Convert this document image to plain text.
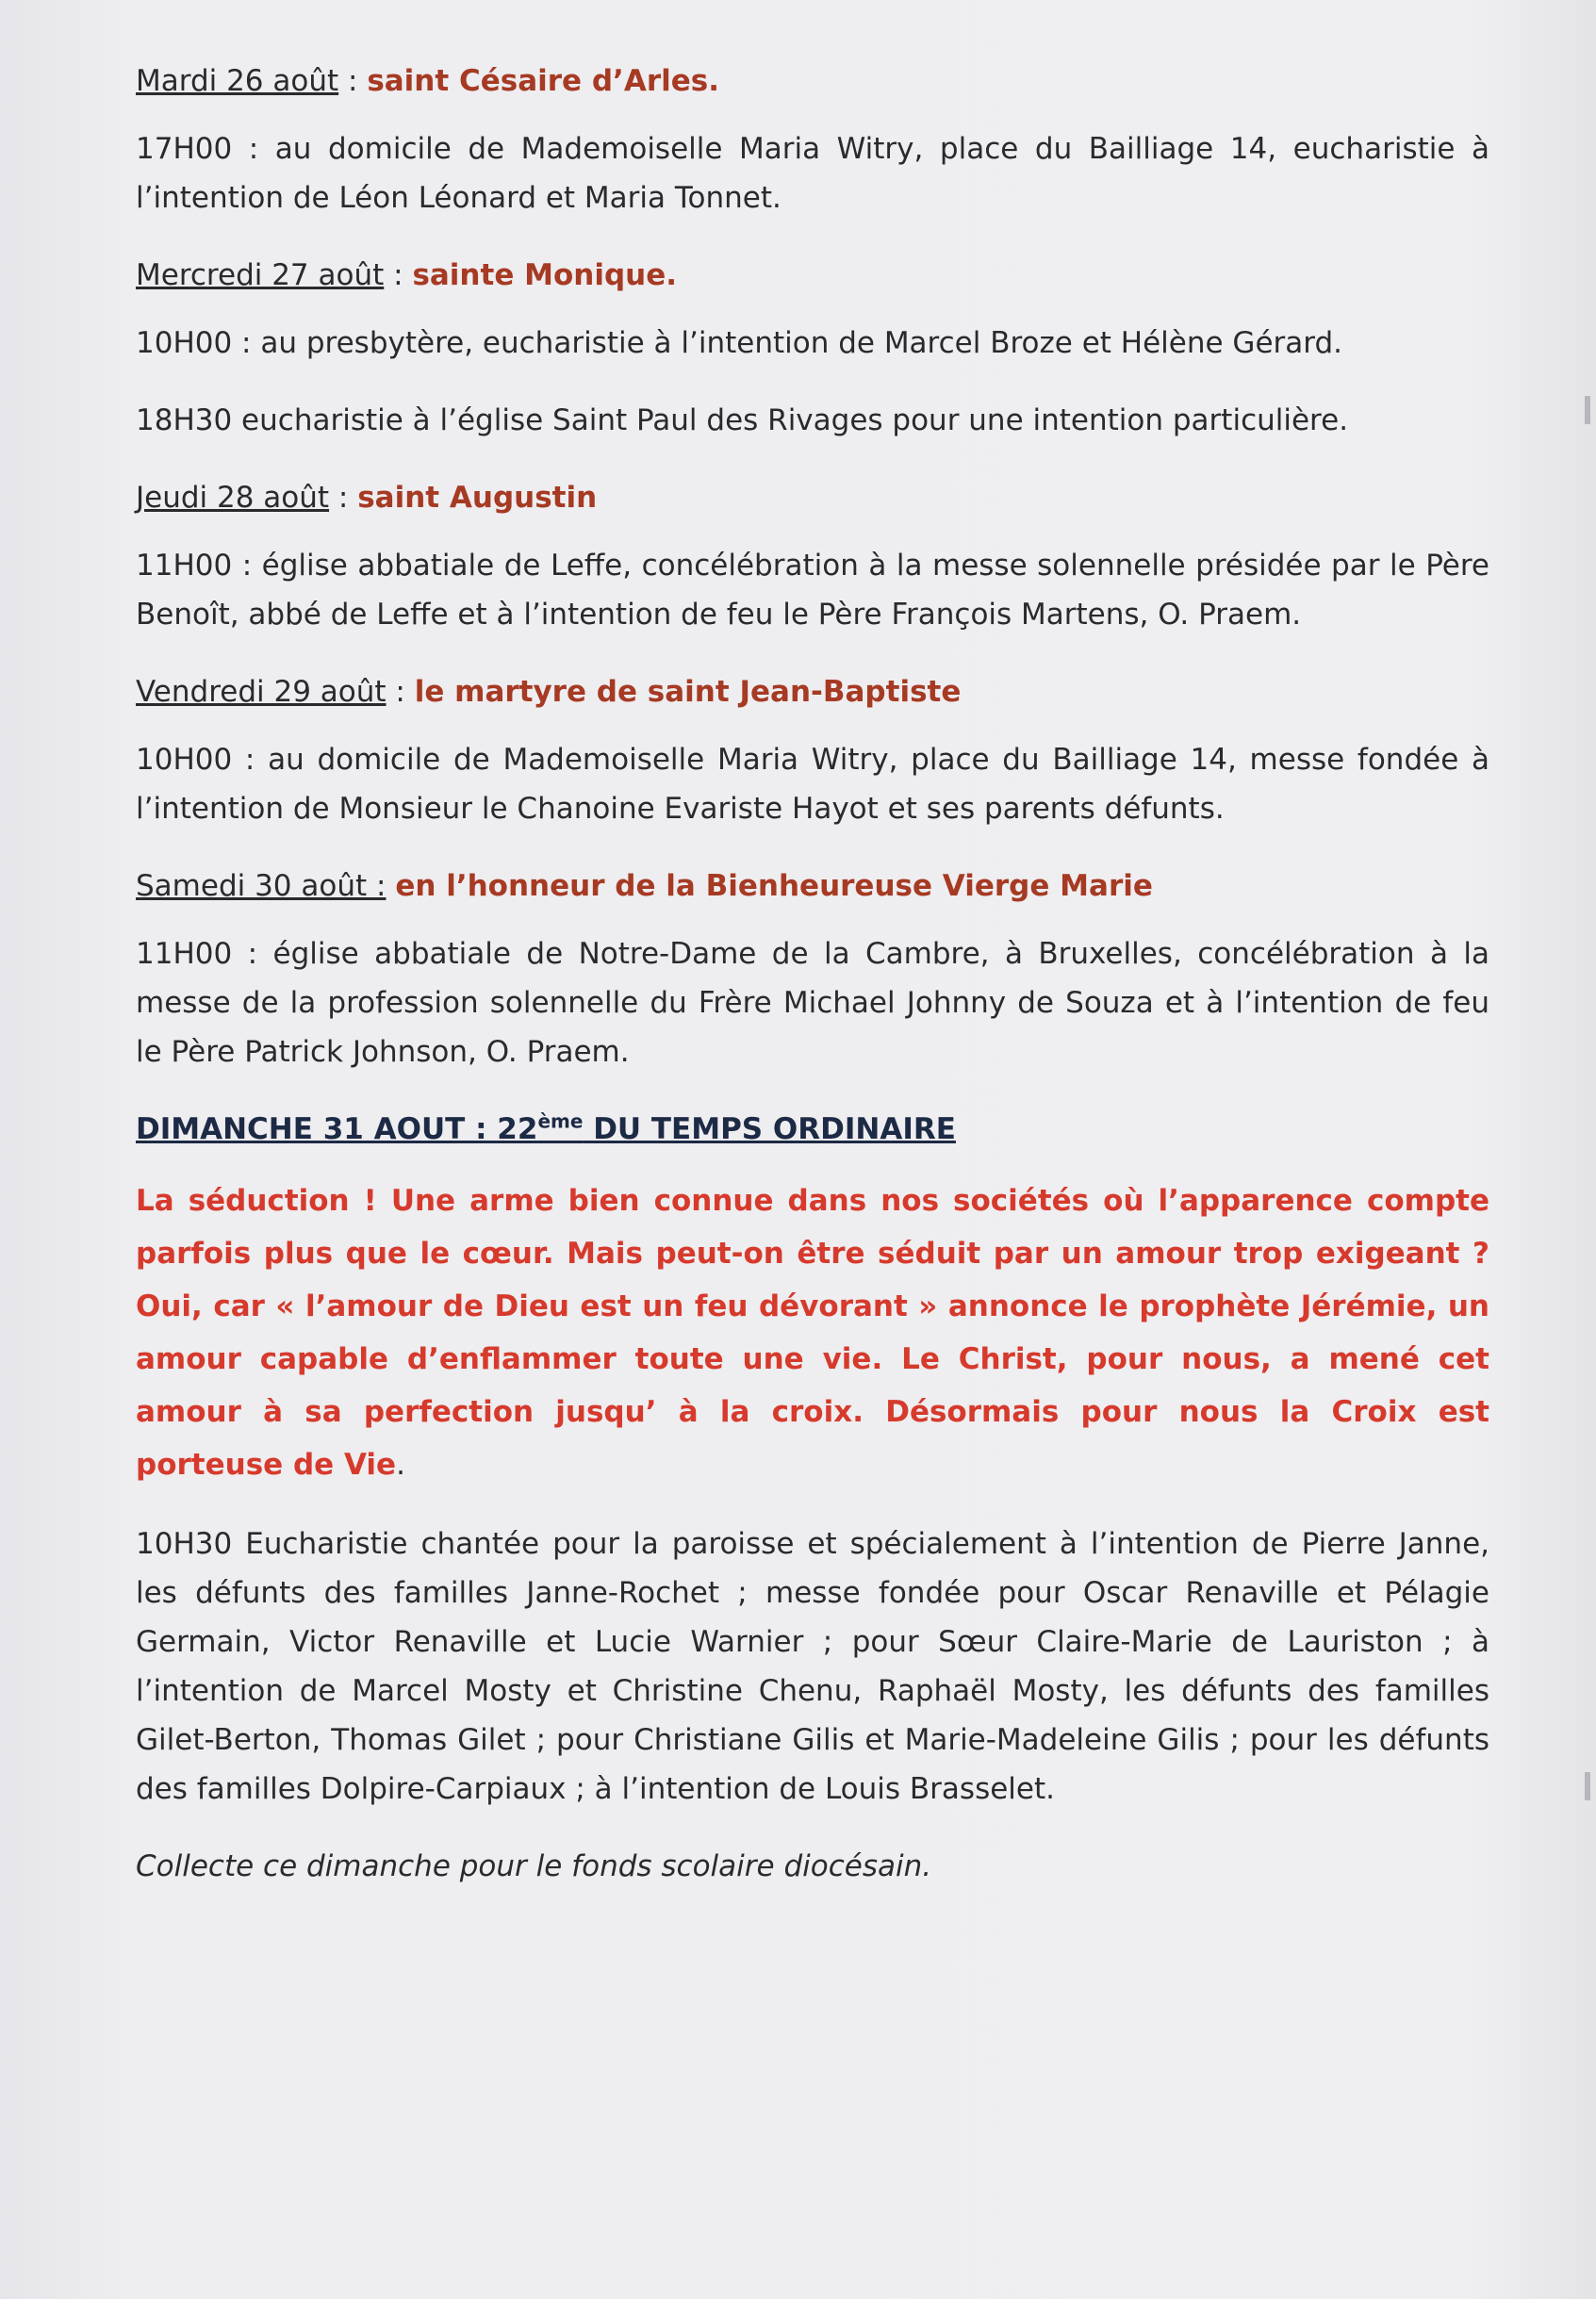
Mardi 26 août : saint Césaire d’Arles.

17H00 : au domicile de Mademoiselle Maria Witry, place du Bailliage 14, eucharistie à l’intention de Léon Léonard et Maria Tonnet.

Mercredi 27 août : sainte Monique.

10H00 : au presbytère, eucharistie à l’intention de Marcel Broze et Hélène Gérard.

18H30 eucharistie à l’église Saint Paul des Rivages pour une intention particulière.

Jeudi 28 août : saint Augustin

11H00 : église abbatiale de Leffe, concélébration à la messe solennelle présidée par le Père Benoît, abbé de Leffe et à l’intention de feu le Père François Martens, O. Praem.

Vendredi 29 août : le martyre de saint Jean-Baptiste

10H00 : au domicile de Mademoiselle Maria Witry, place du Bailliage 14, messe fondée à l’intention de Monsieur le Chanoine Evariste Hayot et ses parents défunts.

Samedi 30 août : en l’honneur de la Bienheureuse Vierge Marie

11H00 : église abbatiale de Notre-Dame de la Cambre, à Bruxelles, concélébration à la messe de la profession solennelle du Frère Michael Johnny de Souza et à l’intention de feu le Père Patrick Johnson, O. Praem.

DIMANCHE 31 AOUT : 22ème DU TEMPS ORDINAIRE

La séduction ! Une arme bien connue dans nos sociétés où l’apparence compte parfois plus que le cœur. Mais peut-on être séduit par un amour trop exigeant ? Oui, car « l’amour de Dieu est un feu dévorant » annonce le prophète Jérémie, un amour capable d’enflammer toute une vie. Le Christ, pour nous, a mené cet amour à sa perfection jusqu’ à la croix. Désormais pour nous la Croix est porteuse de Vie.

10H30 Eucharistie chantée pour la paroisse et spécialement à l’intention de Pierre Janne, les défunts des familles Janne-Rochet ; messe fondée pour Oscar Renaville et Pélagie Germain, Victor Renaville et Lucie Warnier ; pour Sœur Claire-Marie de Lauriston ; à l’intention de Marcel Mosty et Christine Chenu, Raphaël Mosty, les défunts des familles Gilet-Berton, Thomas Gilet ; pour Christiane Gilis et Marie-Madeleine Gilis ; pour les défunts des familles Dolpire-Carpiaux ; à l’intention de Louis Brasselet.

Collecte ce dimanche pour le fonds scolaire diocésain.
